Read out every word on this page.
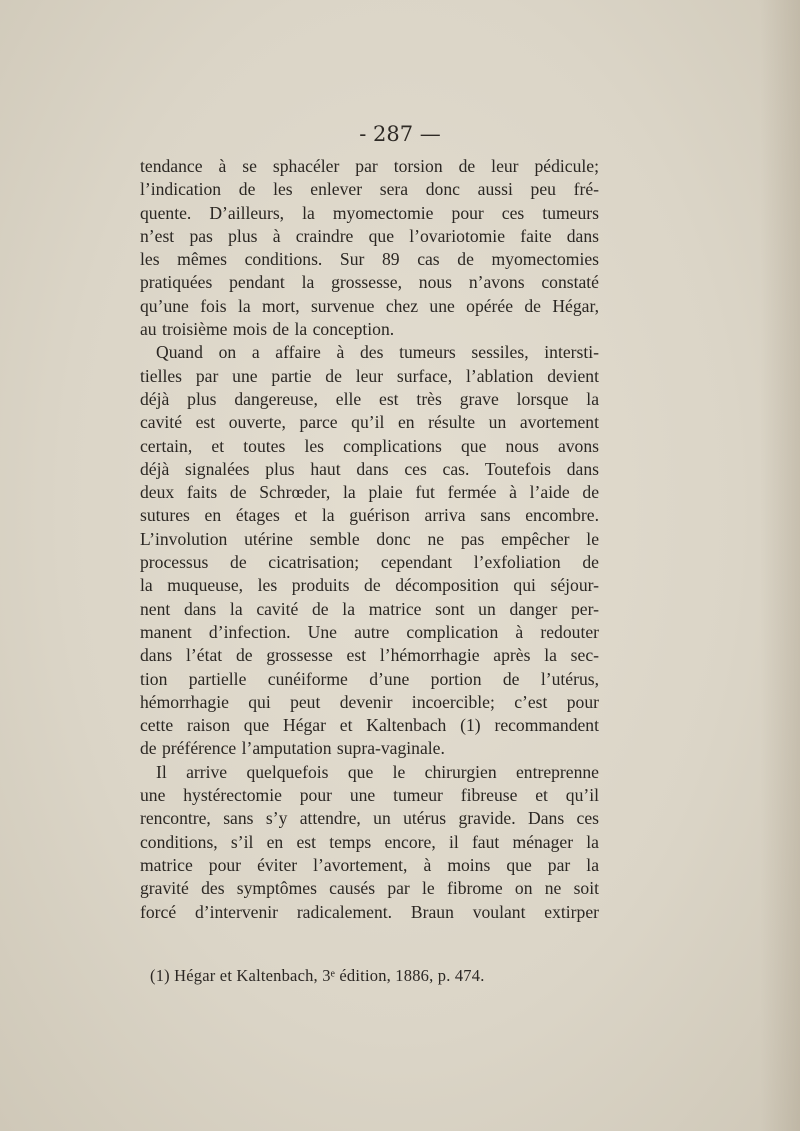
- 287 —

tendance à se sphacéler par torsion de leur pédicule;
l’indication de les enlever sera donc aussi peu fré-
quente. D’ailleurs, la myomectomie pour ces tumeurs
n’est pas plus à craindre que l’ovariotomie faite dans
les mêmes conditions. Sur 89 cas de myomectomies
pratiquées pendant la grossesse, nous n’avons constaté
qu’une fois la mort, survenue chez une opérée de Hégar,
au troisième mois de la conception.
Quand on a affaire à des tumeurs sessiles, intersti-
tielles par une partie de leur surface, l’ablation devient
déjà plus dangereuse, elle est très grave lorsque la
cavité est ouverte, parce qu’il en résulte un avortement
certain, et toutes les complications que nous avons
déjà signalées plus haut dans ces cas. Toutefois dans
deux faits de Schrœder, la plaie fut fermée à l’aide de
sutures en étages et la guérison arriva sans encombre.
L’involution utérine semble donc ne pas empêcher le
processus de cicatrisation; cependant l’exfoliation de
la muqueuse, les produits de décomposition qui séjour-
nent dans la cavité de la matrice sont un danger per-
manent d’infection. Une autre complication à redouter
dans l’état de grossesse est l’hémorrhagie après la sec-
tion partielle cunéiforme d’une portion de l’utérus,
hémorrhagie qui peut devenir incoercible; c’est pour
cette raison que Hégar et Kaltenbach (1) recommandent
de préférence l’amputation supra-vaginale.
Il arrive quelquefois que le chirurgien entreprenne
une hystérectomie pour une tumeur fibreuse et qu’il
rencontre, sans s’y attendre, un utérus gravide. Dans ces
conditions, s’il en est temps encore, il faut ménager la
matrice pour éviter l’avortement, à moins que par la
gravité des symptômes causés par le fibrome on ne soit
forcé d’intervenir radicalement. Braun voulant extirper

(1) Hégar et Kaltenbach, 3ᵉ édition, 1886, p. 474.
